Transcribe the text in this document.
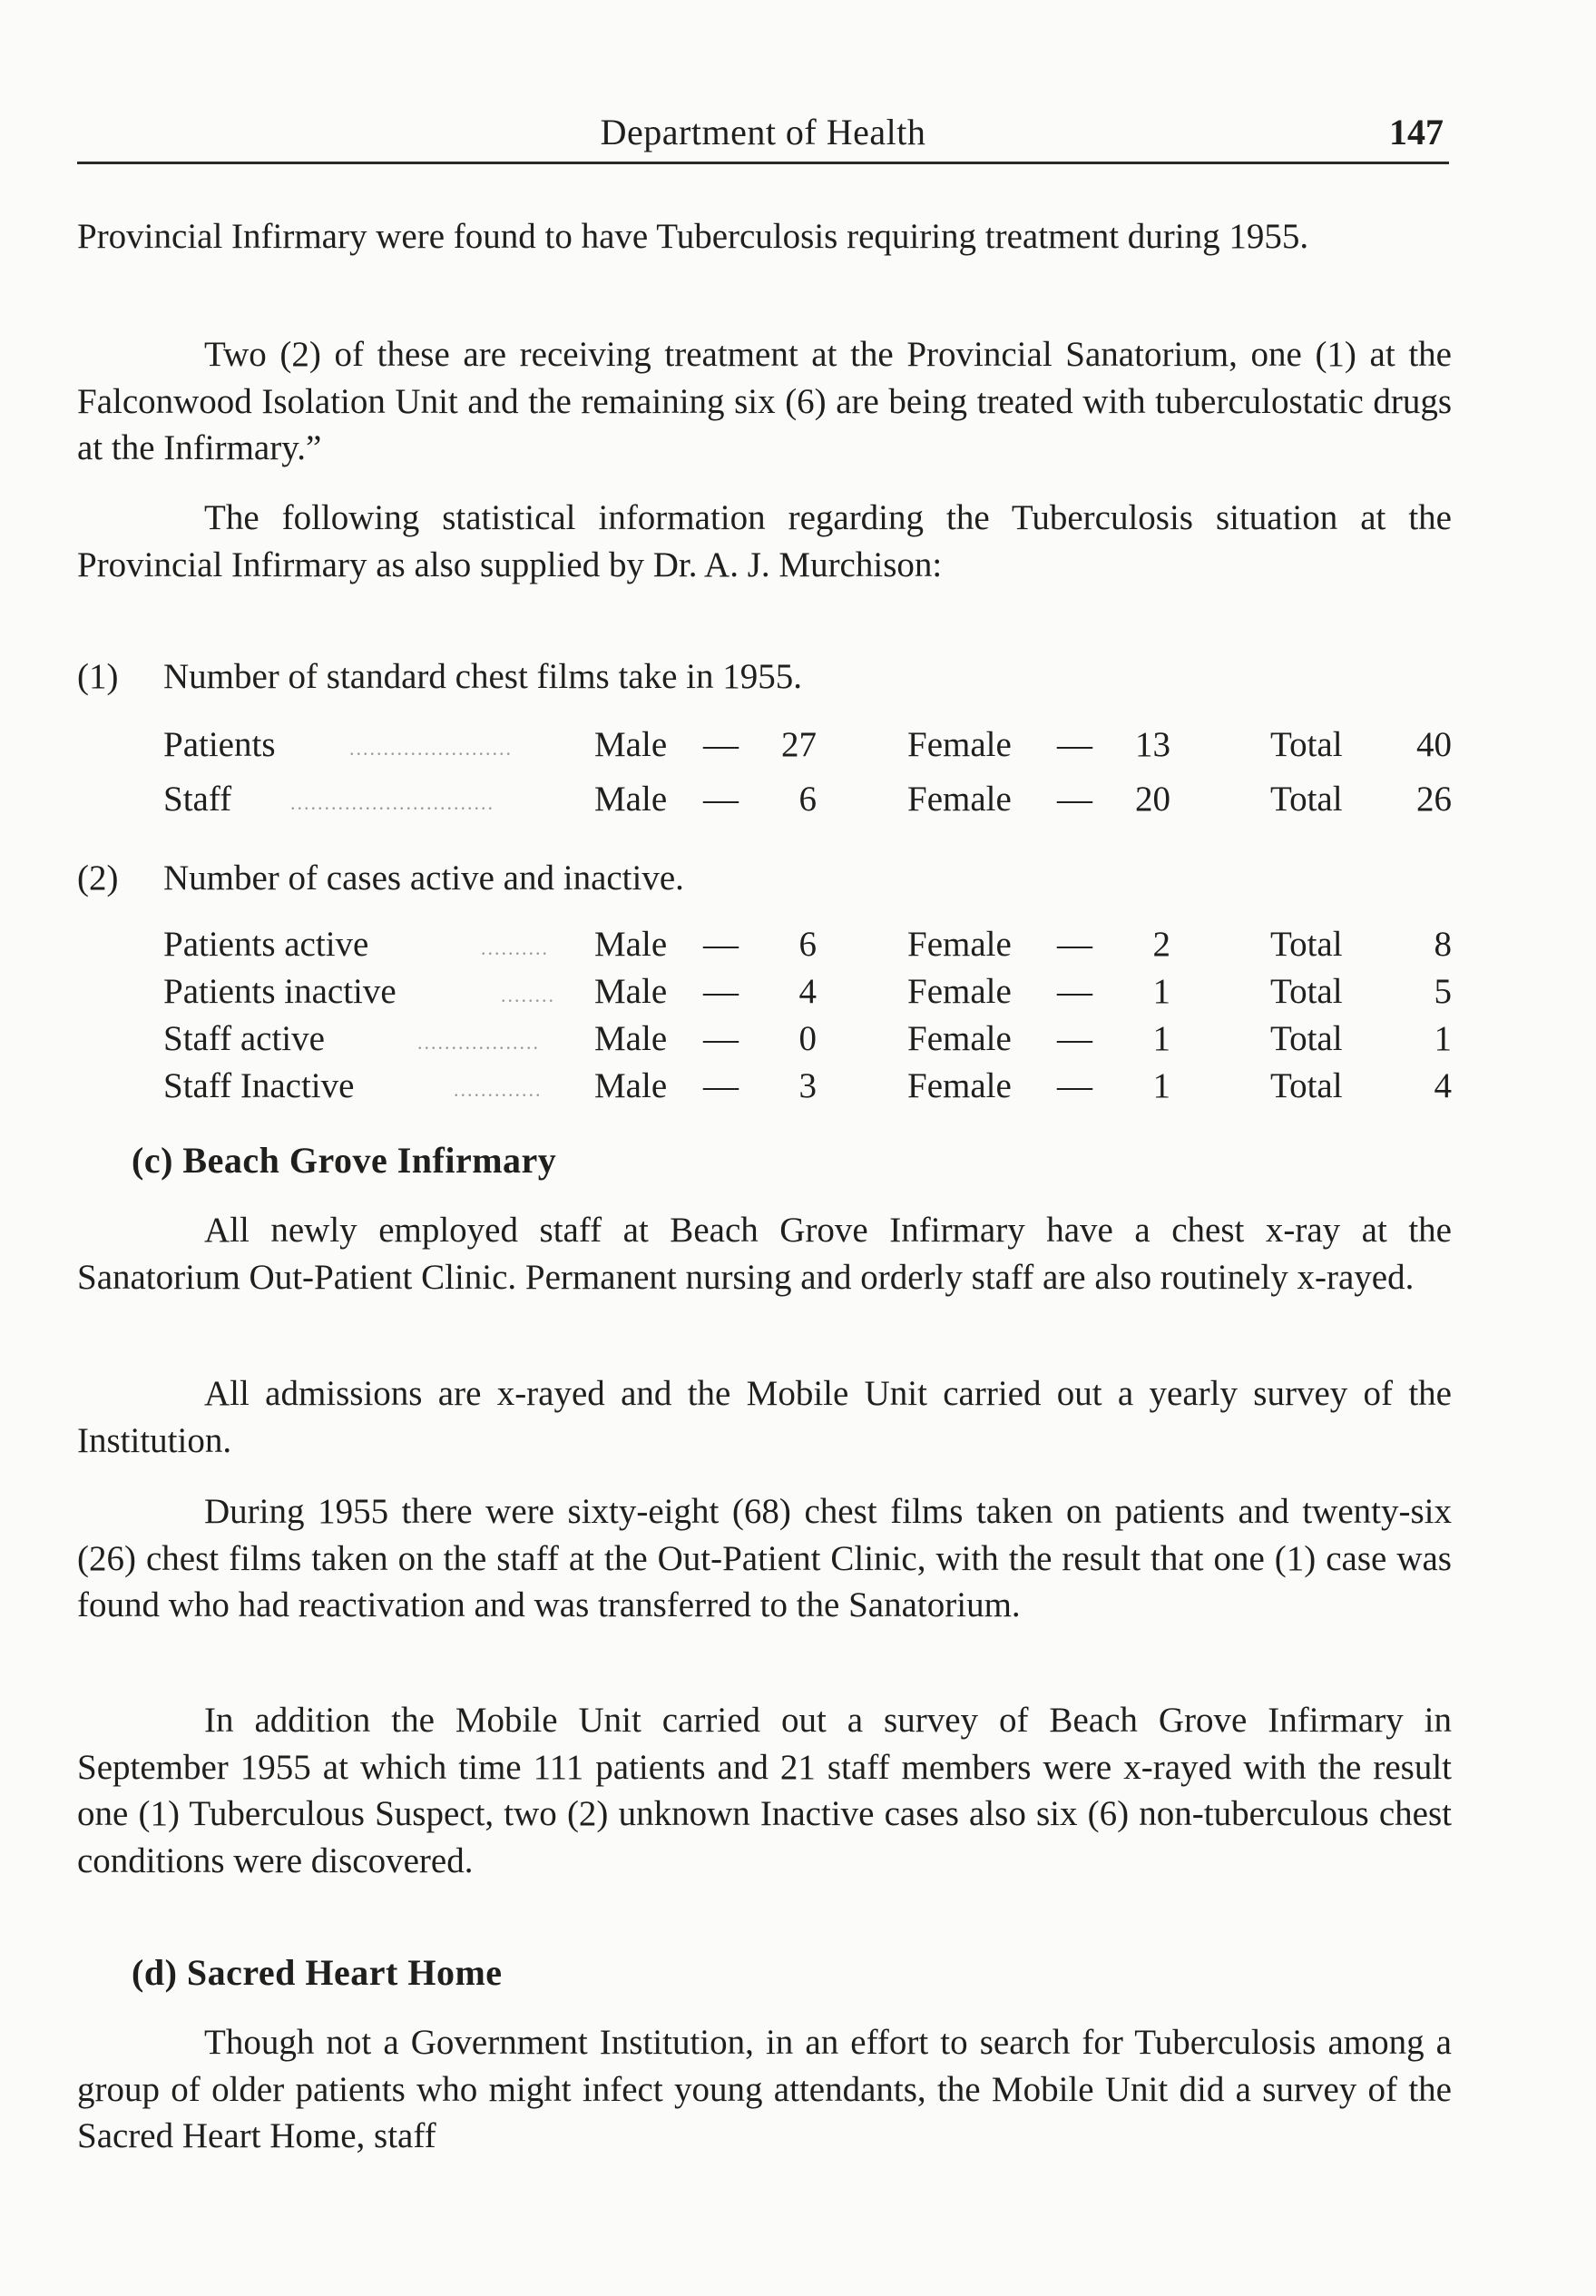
Department of Health	147
Provincial Infirmary were found to have Tuberculosis requiring treatment during 1955.
Two (2) of these are receiving treatment at the Provincial Sanatorium, one (1) at the Falconwood Isolation Unit and the remaining six (6) are being treated with tuberculostatic drugs at the Infirmary.”
The following statistical information regarding the Tuberculosis situation at the Provincial Infirmary as also supplied by Dr. A. J. Murchison:
(1) Number of standard chest films take in 1955.
Patients	........................ Male —	27	Female —	13	Total	40
Staff	..............................	Male —	6	Female —	20	Total	26
(2) Number of cases active and inactive.
Patients active	.......... Male —	6	Female —	2	Total	8
Patients inactive	........ Male —	4	Female —	1	Total	5
Staff active	.................. Male —	0	Female —	1	Total	1
Staff Inactive	............. Male —	3	Female —	1	Total	4
(c) Beach Grove Infirmary
All newly employed staff at Beach Grove Infirmary have a chest x-ray at the Sanatorium Out-Patient Clinic. Permanent nursing and orderly staff are also routinely x-rayed.
All admissions are x-rayed and the Mobile Unit carried out a yearly survey of the Institution.
During 1955 there were sixty-eight (68) chest films taken on patients and twenty-six (26) chest films taken on the staff at the Out-Patient Clinic, with the result that one (1) case was found who had reactivation and was transferred to the Sanatorium.
In addition the Mobile Unit carried out a survey of Beach Grove Infirmary in September 1955 at which time 111 patients and 21 staff members were x-rayed with the result one (1) Tuberculous Suspect, two (2) unknown Inactive cases also six (6) non-tuberculous chest conditions were discovered.
(d) Sacred Heart Home
Though not a Government Institution, in an effort to search for Tuberculosis among a group of older patients who might infect young attendants, the Mobile Unit did a survey of the Sacred Heart Home, staff
